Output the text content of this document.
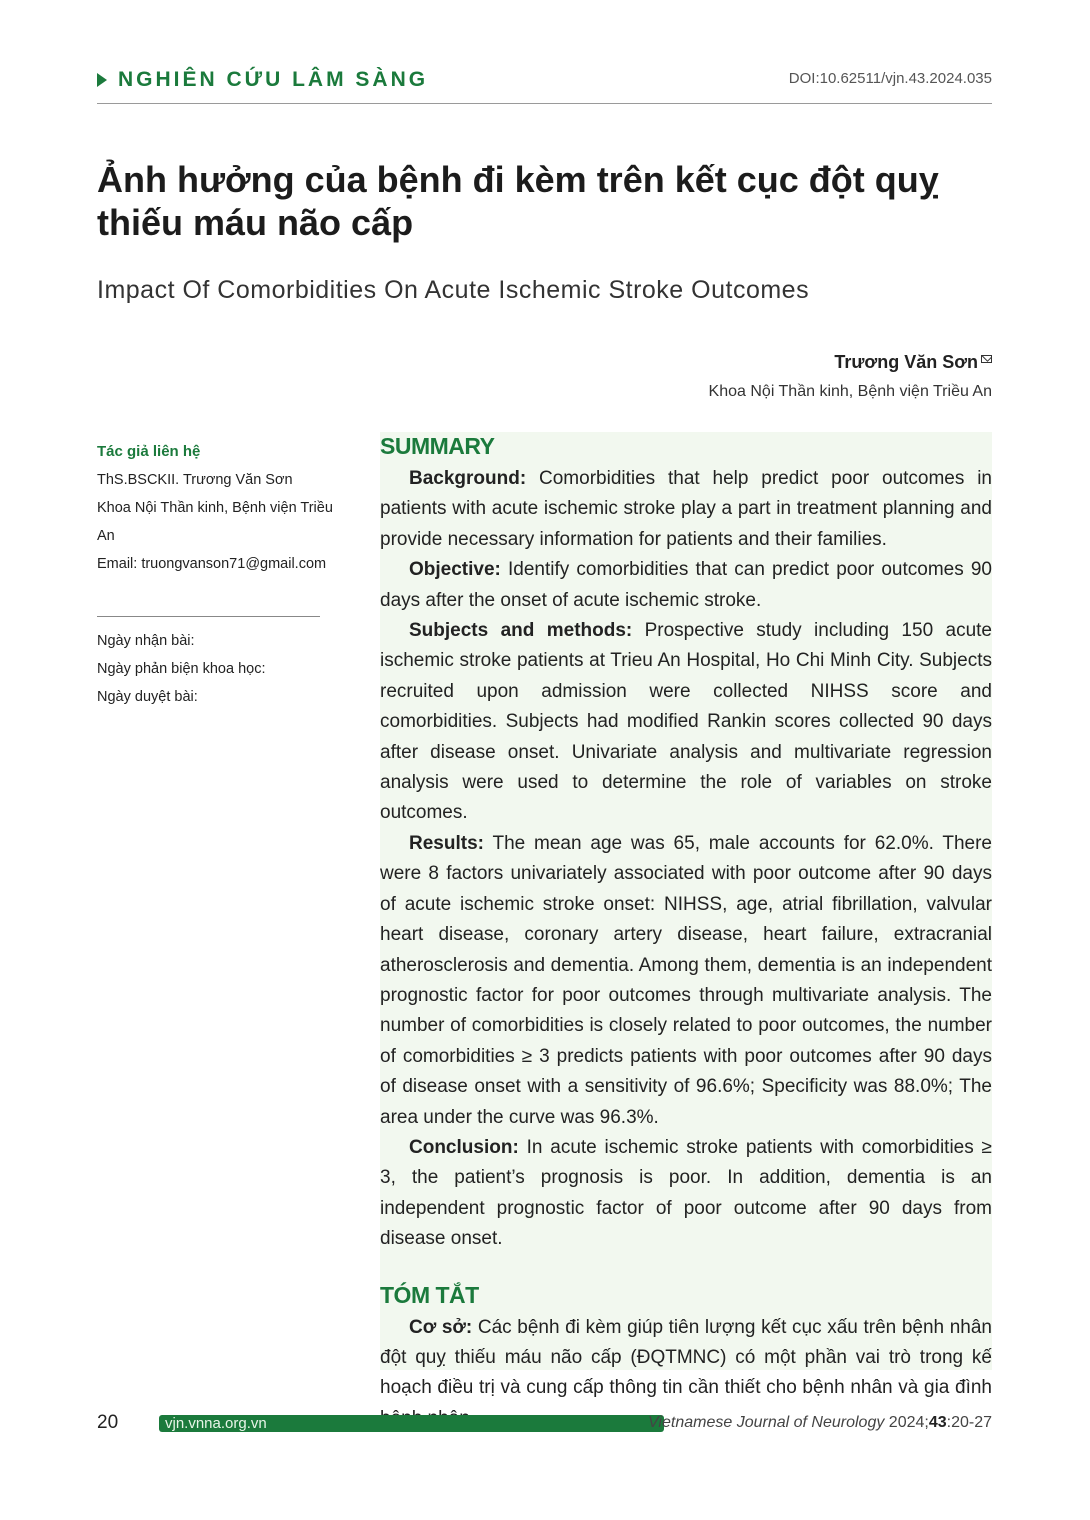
NGHIÊN CỨU LÂM SÀNG	DOI:10.62511/vjn.43.2024.035
Ảnh hưởng của bệnh đi kèm trên kết cục đột quỵ thiếu máu não cấp
Impact Of Comorbidities On Acute Ischemic Stroke Outcomes
Trương Văn Sơn
Khoa Nội Thần kinh, Bệnh viện Triều An
Tác giả liên hệ
ThS.BSCKII. Trương Văn Sơn
Khoa Nội Thần kinh, Bệnh viện Triều An
Email: truongvanson71@gmail.com
Ngày nhận bài:
Ngày phản biện khoa học:
Ngày duyệt bài:
SUMMARY

Background: Comorbidities that help predict poor outcomes in patients with acute ischemic stroke play a part in treatment planning and provide necessary information for patients and their families.

Objective: Identify comorbidities that can predict poor outcomes 90 days after the onset of acute ischemic stroke.

Subjects and methods: Prospective study including 150 acute ischemic stroke patients at Trieu An Hospital, Ho Chi Minh City. Subjects recruited upon admission were collected NIHSS score and comorbidities. Subjects had modified Rankin scores collected 90 days after disease onset. Univariate analysis and multivariate regression analysis were used to determine the role of variables on stroke outcomes.

Results: The mean age was 65, male accounts for 62.0%. There were 8 factors univariately associated with poor outcome after 90 days of acute ischemic stroke onset: NIHSS, age, atrial fibrillation, valvular heart disease, coronary artery disease, heart failure, extracranial atherosclerosis and dementia. Among them, dementia is an independent prognostic factor for poor outcomes through multivariate analysis. The number of comorbidities is closely related to poor outcomes, the number of comorbidities ≥ 3 predicts patients with poor outcomes after 90 days of disease onset with a sensitivity of 96.6%; Specificity was 88.0%; The area under the curve was 96.3%.

Conclusion: In acute ischemic stroke patients with comorbidities ≥ 3, the patient’s prognosis is poor. In addition, dementia is an independent prognostic factor of poor outcome after 90 days from disease onset.

TÓM TẮT

Cơ sở: Các bệnh đi kèm giúp tiên lượng kết cục xấu trên bệnh nhân đột quỵ thiếu máu não cấp (ĐQTMNC) có một phần vai trò trong kế hoạch điều trị và cung cấp thông tin cần thiết cho bệnh nhân và gia đình

20	vjn.vnna.org.vn	Vietnamese Journal of Neurology 2024;43:20-27
